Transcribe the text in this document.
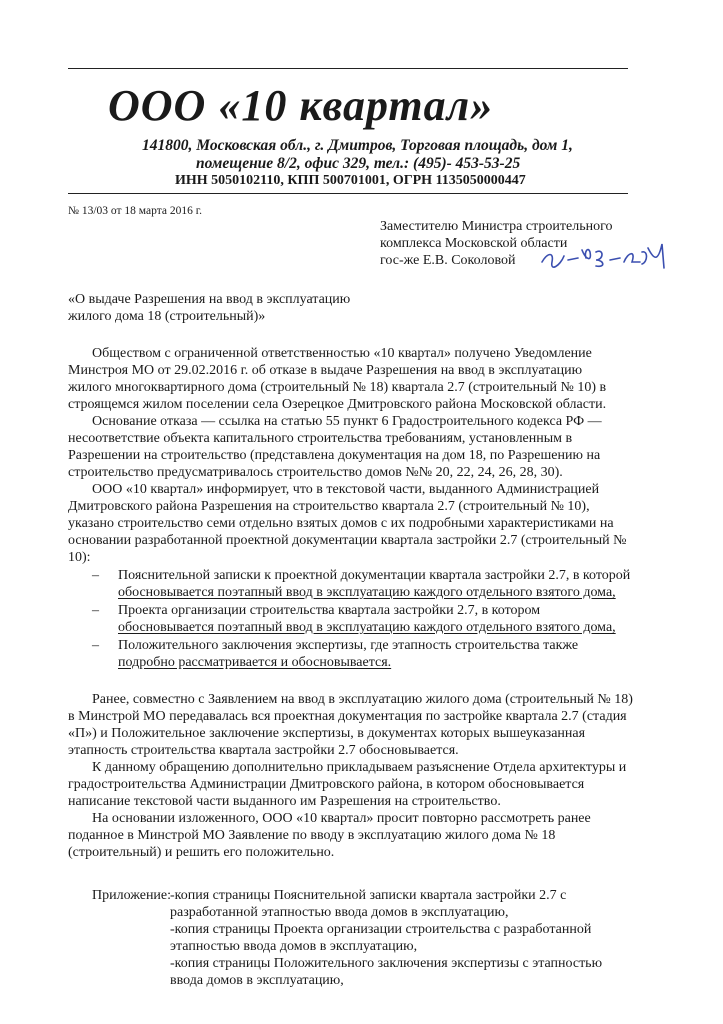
ООО «10 квартал»
141800, Московская обл., г. Дмитров, Торговая площадь, дом 1,
помещение 8/2, офис 329, тел.: (495)- 453-53-25
ИНН 5050102110, КПП 500701001, ОГРН 1135050000447
№ 13/03 от 18 марта 2016 г.
Заместителю Министра строительного
комплекса Московской области
гос-же Е.В. Соколовой
«О выдаче Разрешения на ввод в эксплуатацию
жилого дома 18 (строительный)»
Обществом с ограниченной ответственностью «10 квартал» получено Уведомление
Минстроя МО от 29.02.2016 г. об отказе в выдаче Разрешения на ввод в эксплуатацию
жилого многоквартирного дома (строительный № 18) квартала 2.7 (строительный № 10) в
строящемся жилом поселении села Озерецкое Дмитровского района Московской области.
Основание отказа — ссылка на статью 55 пункт 6 Градостроительного кодекса РФ —
несоответствие объекта капитального строительства требованиям, установленным в
Разрешении на строительство (представлена документация на дом 18, по Разрешению на
строительство предусматривалось строительство домов №№ 20, 22, 24, 26, 28, 30).
ООО «10 квартал» информирует, что в текстовой части, выданного Администрацией
Дмитровского района Разрешения на строительство квартала 2.7 (строительный № 10),
указано строительство семи отдельно взятых домов с их подробными характеристиками на
основании разработанной проектной документации квартала застройки 2.7 (строительный №
10):
– Пояснительной записки к проектной документации квартала застройки 2.7, в которой
обосновывается поэтапный ввод в эксплуатацию каждого отдельного взятого дома,
– Проекта организации строительства квартала застройки 2.7, в котором
обосновывается поэтапный ввод в эксплуатацию каждого отдельного взятого дома,
– Положительного заключения экспертизы, где этапность строительства также
подробно рассматривается и обосновывается.
Ранее, совместно с Заявлением на ввод в эксплуатацию жилого дома (строительный № 18)
в Минстрой МО передавалась вся проектная документация по застройке квартала 2.7 (стадия
«П») и Положительное заключение экспертизы, в документах которых вышеуказанная
этапность строительства квартала застройки 2.7 обосновывается.
К данному обращению дополнительно прикладываем разъяснение Отдела архитектуры и
градостроительства Администрации Дмитровского района, в котором обосновывается
написание текстовой части выданного им Разрешения на строительство.
На основании изложенного, ООО «10 квартал» просит повторно рассмотреть ранее
поданное в Минстрой МО Заявление по вводу в эксплуатацию жилого дома № 18
(строительный) и решить его положительно.
Приложение:
-копия страницы Пояснительной записки квартала застройки 2.7 с
разработанной этапностью ввода домов в эксплуатацию,
-копия страницы Проекта организации строительства с разработанной
этапностью ввода домов в эксплуатацию,
-копия страницы Положительного заключения экспертизы с этапностью
ввода домов в эксплуатацию,
